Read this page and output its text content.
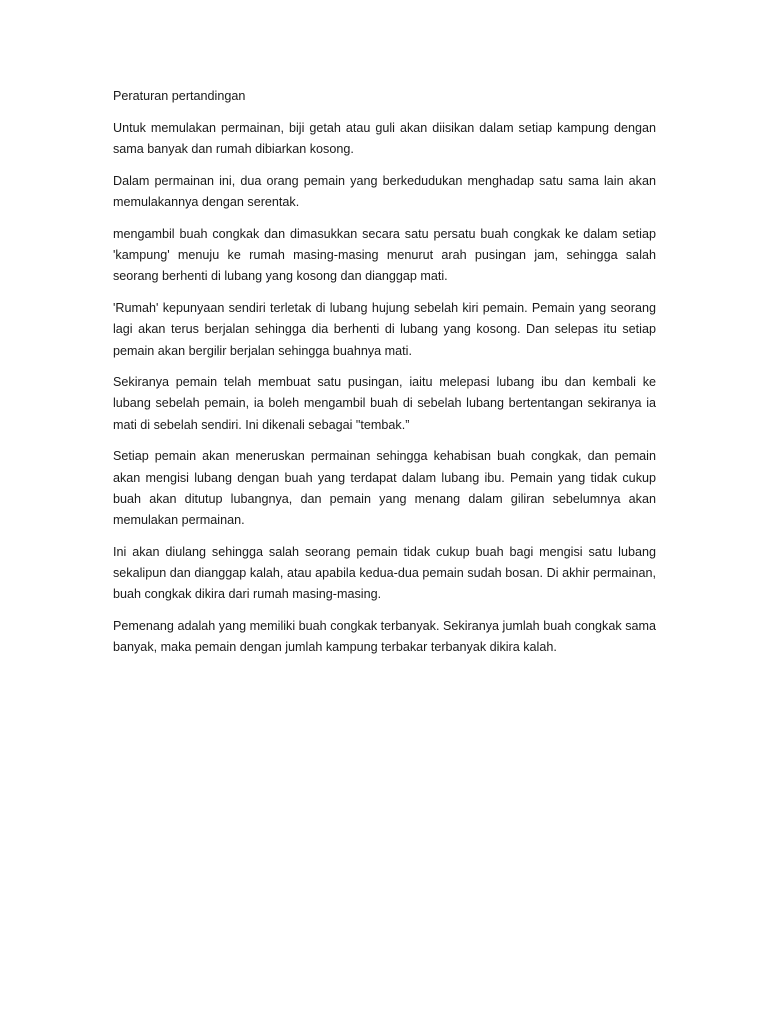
Peraturan pertandingan

Untuk memulakan permainan, biji getah atau guli akan diisikan dalam setiap kampung dengan sama banyak dan rumah dibiarkan kosong.

Dalam permainan ini, dua orang pemain yang berkedudukan menghadap satu sama lain akan memulakannya dengan serentak.

mengambil buah congkak dan dimasukkan secara satu persatu buah congkak ke dalam setiap 'kampung' menuju ke rumah masing-masing menurut arah pusingan jam, sehingga salah seorang berhenti di lubang yang kosong dan dianggap mati.

'Rumah' kepunyaan sendiri terletak di lubang hujung sebelah kiri pemain. Pemain yang seorang lagi akan terus berjalan sehingga dia berhenti di lubang yang kosong. Dan selepas itu setiap pemain akan bergilir berjalan sehingga buahnya mati.

Sekiranya pemain telah membuat satu pusingan, iaitu melepasi lubang ibu dan kembali ke lubang sebelah pemain, ia boleh mengambil buah di sebelah lubang bertentangan sekiranya ia mati di sebelah sendiri. Ini dikenali sebagai "tembak.”

Setiap pemain akan meneruskan permainan sehingga kehabisan buah congkak, dan pemain akan mengisi lubang dengan buah yang terdapat dalam lubang ibu. Pemain yang tidak cukup buah akan ditutup lubangnya, dan pemain yang menang dalam giliran sebelumnya akan memulakan permainan.

Ini akan diulang sehingga salah seorang pemain tidak cukup buah bagi mengisi satu lubang sekalipun dan dianggap kalah, atau apabila kedua-dua pemain sudah bosan. Di akhir permainan, buah congkak dikira dari rumah masing-masing.

Pemenang adalah yang memiliki buah congkak terbanyak. Sekiranya jumlah buah congkak sama banyak, maka pemain dengan jumlah kampung terbakar terbanyak dikira kalah.
